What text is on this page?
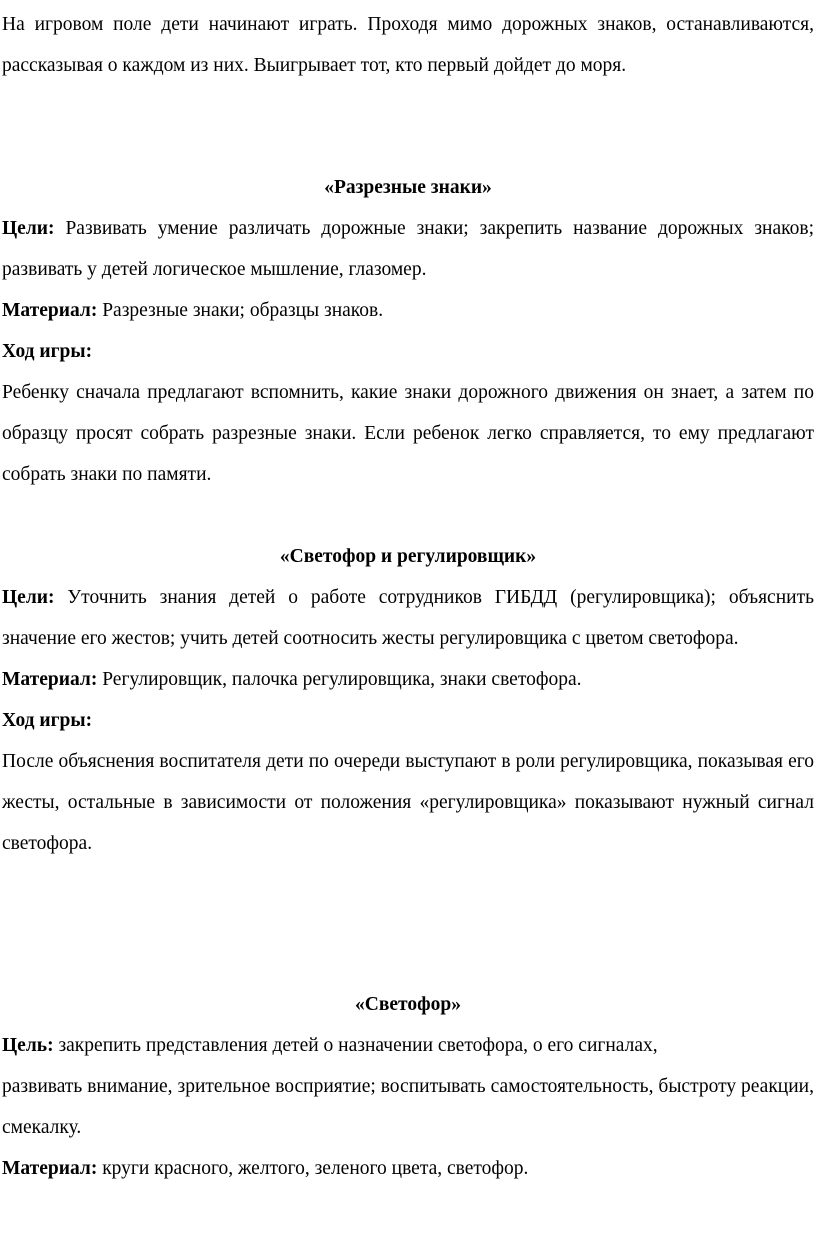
На игровом поле дети начинают играть. Проходя мимо дорожных знаков, останавливаются, рассказывая о каждом из них. Выигрывает тот, кто первый дойдет до моря.

«Разрезные знаки»

Цели: Развивать умение различать дорожные знаки; закрепить название дорожных знаков; развивать у детей логическое мышление, глазомер.

Материал: Разрезные знаки; образцы знаков.

Ход игры:

Ребенку сначала предлагают вспомнить, какие знаки дорожного движения он знает, а затем по образцу просят собрать разрезные знаки. Если ребенок легко справляется, то ему предлагают собрать знаки по памяти.

«Светофор и регулировщик»

Цели: Уточнить знания детей о работе сотрудников ГИБДД (регулировщика); объяснить значение его жестов; учить детей соотносить жесты регулировщика с цветом светофора.

Материал: Регулировщик, палочка регулировщика, знаки светофора.

Ход игры:

После объяснения воспитателя дети по очереди выступают в роли регулировщика, показывая его жесты, остальные в зависимости от положения «регулировщика» показывают нужный сигнал светофора.

«Светофор»

Цель: закрепить представления детей о назначении светофора, о его сигналах,

развивать внимание, зрительное восприятие; воспитывать самостоятельность, быстроту реакции, смекалку.

Материал: круги красного, желтого, зеленого цвета, светофор.
